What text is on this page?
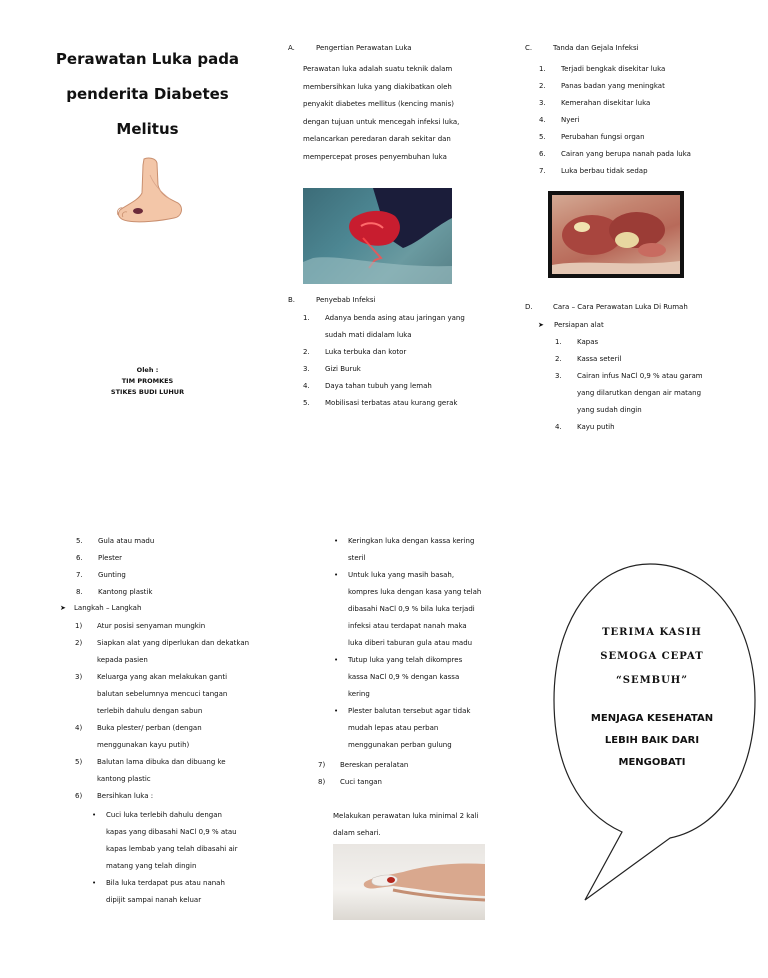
Perawatan Luka pada
penderita Diabetes
Melitus
Oleh :
TIM PROMKES
STIKES BUDI LUHUR
A.	Pengertian Perawatan Luka
Perawatan luka adalah suatu teknik dalam
membersihkan luka yang diakibatkan oleh
penyakit diabetes mellitus (kencing manis)
dengan tujuan untuk mencegah infeksi luka,
melancarkan peredaran darah sekitar dan
mempercepat proses penyembuhan luka
B.	Penyebab Infeksi
1. Adanya benda asing atau jaringan yang
sudah mati didalam luka
2. Luka terbuka dan kotor
3. Gizi Buruk
4. Daya tahan tubuh yang lemah
5. Mobilisasi terbatas atau kurang gerak
C.	Tanda dan Gejala Infeksi
1. Terjadi bengkak disekitar luka
2. Panas badan yang meningkat
3. Kemerahan disekitar luka
4. Nyeri
5. Perubahan fungsi organ
6. Cairan yang berupa nanah pada luka
7. Luka berbau tidak sedap
D.	Cara – Cara Perawatan Luka Di Rumah
➤ Persiapan alat
1. Kapas
2. Kassa seteril
3. Cairan infus NaCl 0,9 % atau garam
yang dilarutkan dengan air matang
yang sudah dingin
4. Kayu putih
5. Gula atau madu
6. Plester
7. Gunting
8. Kantong plastik
➤ Langkah – Langkah
1) Atur posisi senyaman mungkin
2) Siapkan alat yang diperlukan dan dekatkan
kepada pasien
3) Keluarga yang akan melakukan ganti
balutan sebelumnya mencuci tangan
terlebih dahulu dengan sabun
4) Buka plester/ perban (dengan
menggunakan kayu putih)
5) Balutan lama dibuka dan dibuang ke
kantong plastic
6) Bersihkan luka :
• Cuci luka terlebih dahulu dengan
kapas yang dibasahi NaCl 0,9 % atau
kapas lembab yang telah dibasahi air
matang yang telah dingin
• Bila luka terdapat pus atau nanah
dipijit sampai nanah keluar
• Keringkan luka dengan kassa kering
steril
• Untuk luka yang masih basah,
kompres luka dengan kasa yang telah
dibasahi NaCl 0,9 % bila luka terjadi
infeksi atau terdapat nanah maka
luka diberi taburan gula atau madu
• Tutup luka yang telah dikompres
kassa NaCl 0,9 % dengan kassa
kering
• Plester balutan tersebut agar tidak
mudah lepas atau perban
menggunakan perban gulung
7) Bereskan peralatan
8) Cuci tangan
Melakukan perawatan luka minimal 2 kali
dalam sehari.
TERIMA KASIH
SEMOGA CEPAT
“SEMBUH”
MENJAGA KESEHATAN
LEBIH BAIK DARI
MENGOBATI
